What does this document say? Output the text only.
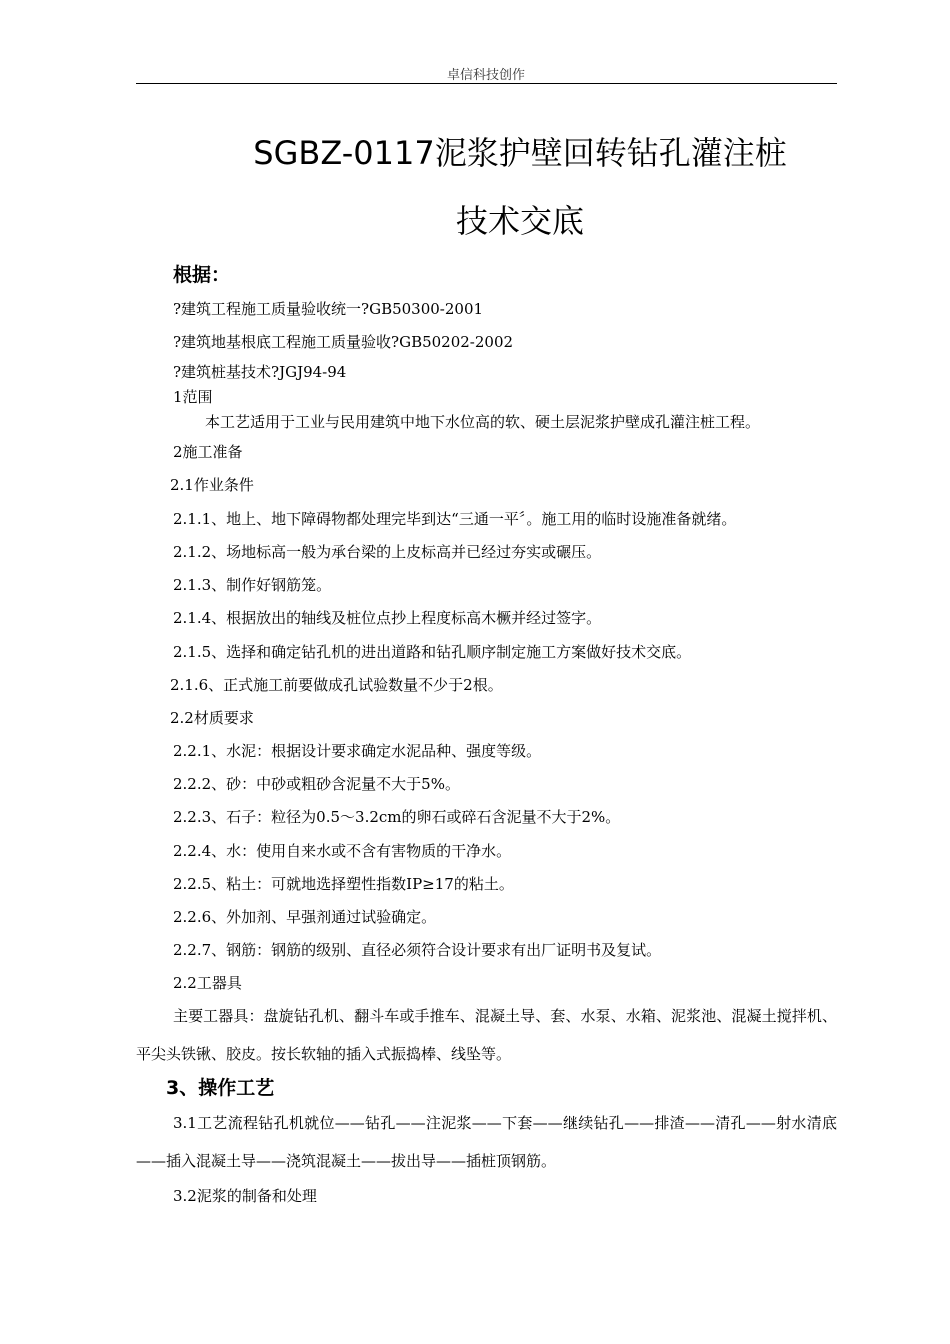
卓信科技创作
SGBZ-0117泥浆护壁回转钻孔灌注桩
技术交底
根据：
?建筑工程施工质量验收统一?GB50300-2001
?建筑地基根底工程施工质量验收?GB50202-2002
?建筑桩基技术?JGJ94-94
1范围
本工艺适用于工业与民用建筑中地下水位高的软、硬土层泥浆护壁成孔灌注桩工程。
2施工准备
2.1作业条件
2.1.1、地上、地下障碍物都处理完毕到达“三通一平〞。施工用的临时设施准备就绪。
2.1.2、场地标高一般为承台梁的上皮标高并已经过夯实或碾压。
2.1.3、制作好钢筋笼。
2.1.4、根据放出的轴线及桩位点抄上程度标高木橛并经过签字。
2.1.5、选择和确定钻孔机的进出道路和钻孔顺序制定施工方案做好技术交底。
2.1.6、正式施工前要做成孔试验数量不少于2根。
2.2材质要求
2.2.1、水泥：根据设计要求确定水泥品种、强度等级。
2.2.2、砂：中砂或粗砂含泥量不大于5%。
2.2.3、石子：粒径为0.5～3.2cm的卵石或碎石含泥量不大于2%。
2.2.4、水：使用自来水或不含有害物质的干净水。
2.2.5、粘土：可就地选择塑性指数IP≥17的粘土。
2.2.6、外加剂、早强剂通过试验确定。
2.2.7、钢筋：钢筋的级别、直径必须符合设计要求有出厂证明书及复试。
2.2工器具
主要工器具：盘旋钻孔机、翻斗车或手推车、混凝土导、套、水泵、水箱、泥浆池、混凝土搅拌机、平尖头铁锹、胶皮。按长软轴的插入式振捣棒、线坠等。
3、操作工艺
3.1工艺流程钻孔机就位——钻孔——注泥浆——下套——继续钻孔——排渣——清孔——射水清底——插入混凝土导——浇筑混凝土——拔出导——插桩顶钢筋。
3.2泥浆的制备和处理
